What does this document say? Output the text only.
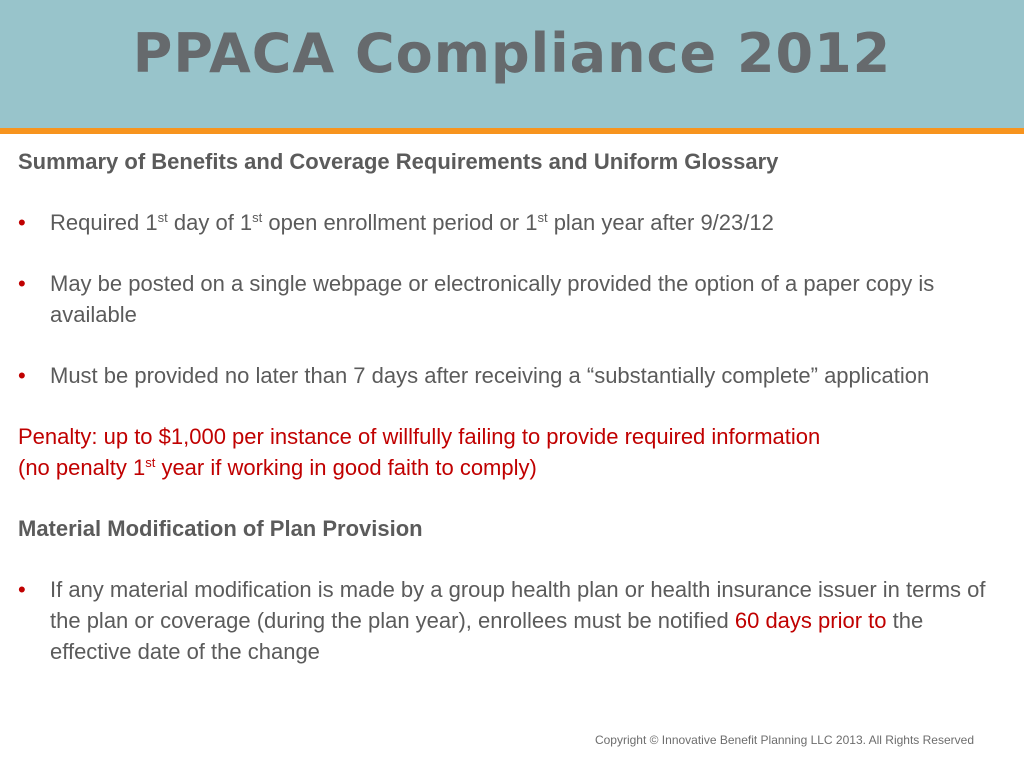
PPACA Compliance 2012
Summary of Benefits and Coverage Requirements and Uniform Glossary
• Required 1st day of 1st open enrollment period or 1st plan year after 9/23/12
• May be posted on a single webpage or electronically provided the option of a paper copy is available
• Must be provided no later than 7 days after receiving a “substantially complete” application
Penalty: up to $1,000 per instance of willfully failing to provide required information
(no penalty 1st year if working in good faith to comply)
Material Modification of Plan Provision
• If any material modification is made by a group health plan or health insurance issuer in terms of the plan or coverage (during the plan year), enrollees must be notified 60 days prior to the effective date of the change
Copyright © Innovative Benefit Planning LLC 2013. All Rights Reserved
